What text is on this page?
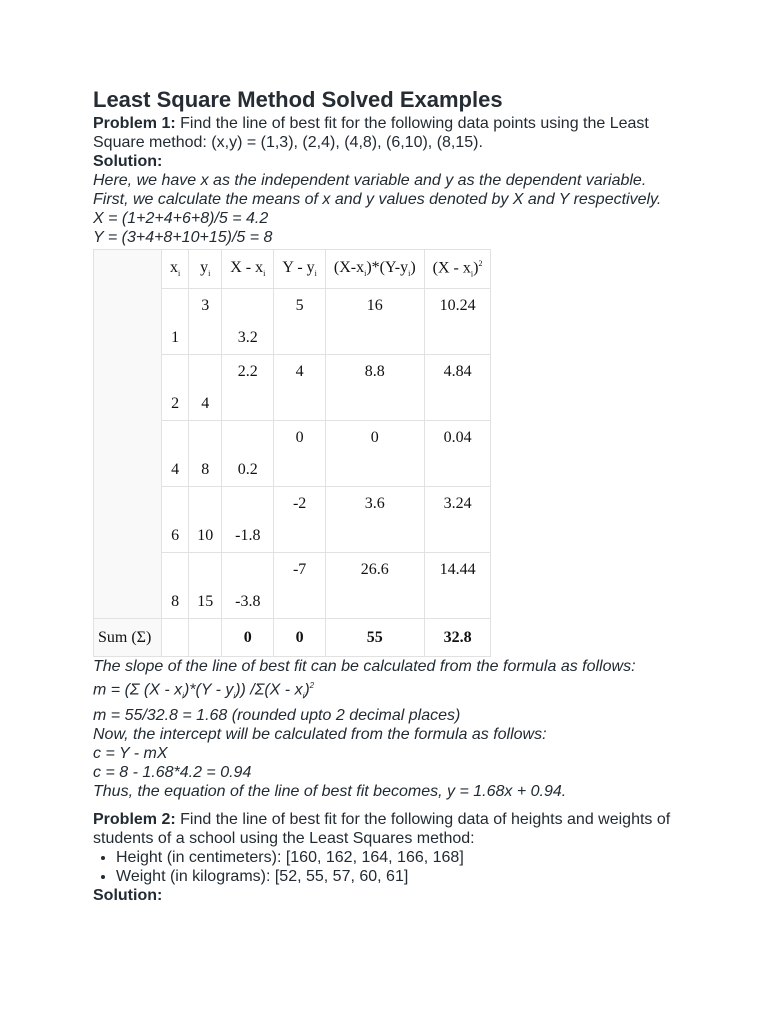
Least Square Method Solved Examples

Problem 1: Find the line of best fit for the following data points using the Least Square method: (x,y) = (1,3), (2,4), (4,8), (6,10), (8,15).

Solution:

Here, we have x as the independent variable and y as the dependent variable. First, we calculate the means of x and y values denoted by X and Y respectively.

X = (1+2+4+6+8)/5 = 4.2

Y = (3+4+8+10+15)/5 = 8

	$x_i$	$y_i$	X - $x_i$	Y - $y_i$	$(X-x_i)*(Y-y_i)$	$(X - x_i)^2$
	1	3	3.2	5	16	10.24
	2	4	2.2	4	8.8	4.84
	4	8	0.2	0	0	0.04
	6	10	-1.8	-2	3.6	3.24
	8	15	-3.8	-7	26.6	14.44
Sum (Σ)			0	0	55	32.8

The slope of the line of best fit can be calculated from the formula as follows:

m = (Σ $(X - x_i)*(Y - y_i)$) $/\Sigma(X - x_i)^2$

m = 55/32.8 = 1.68 (rounded upto 2 decimal places)

Now, the intercept will be calculated from the formula as follows:

c = Y - mX

c = 8 - 1.68*4.2 = 0.94

Thus, the equation of the line of best fit becomes, y = 1.68x + 0.94.

Problem 2: Find the line of best fit for the following data of heights and weights of students of a school using the Least Squares method:

• Height (in centimeters): [160, 162, 164, 166, 168]
• Weight (in kilograms): [52, 55, 57, 60, 61]

Solution:
